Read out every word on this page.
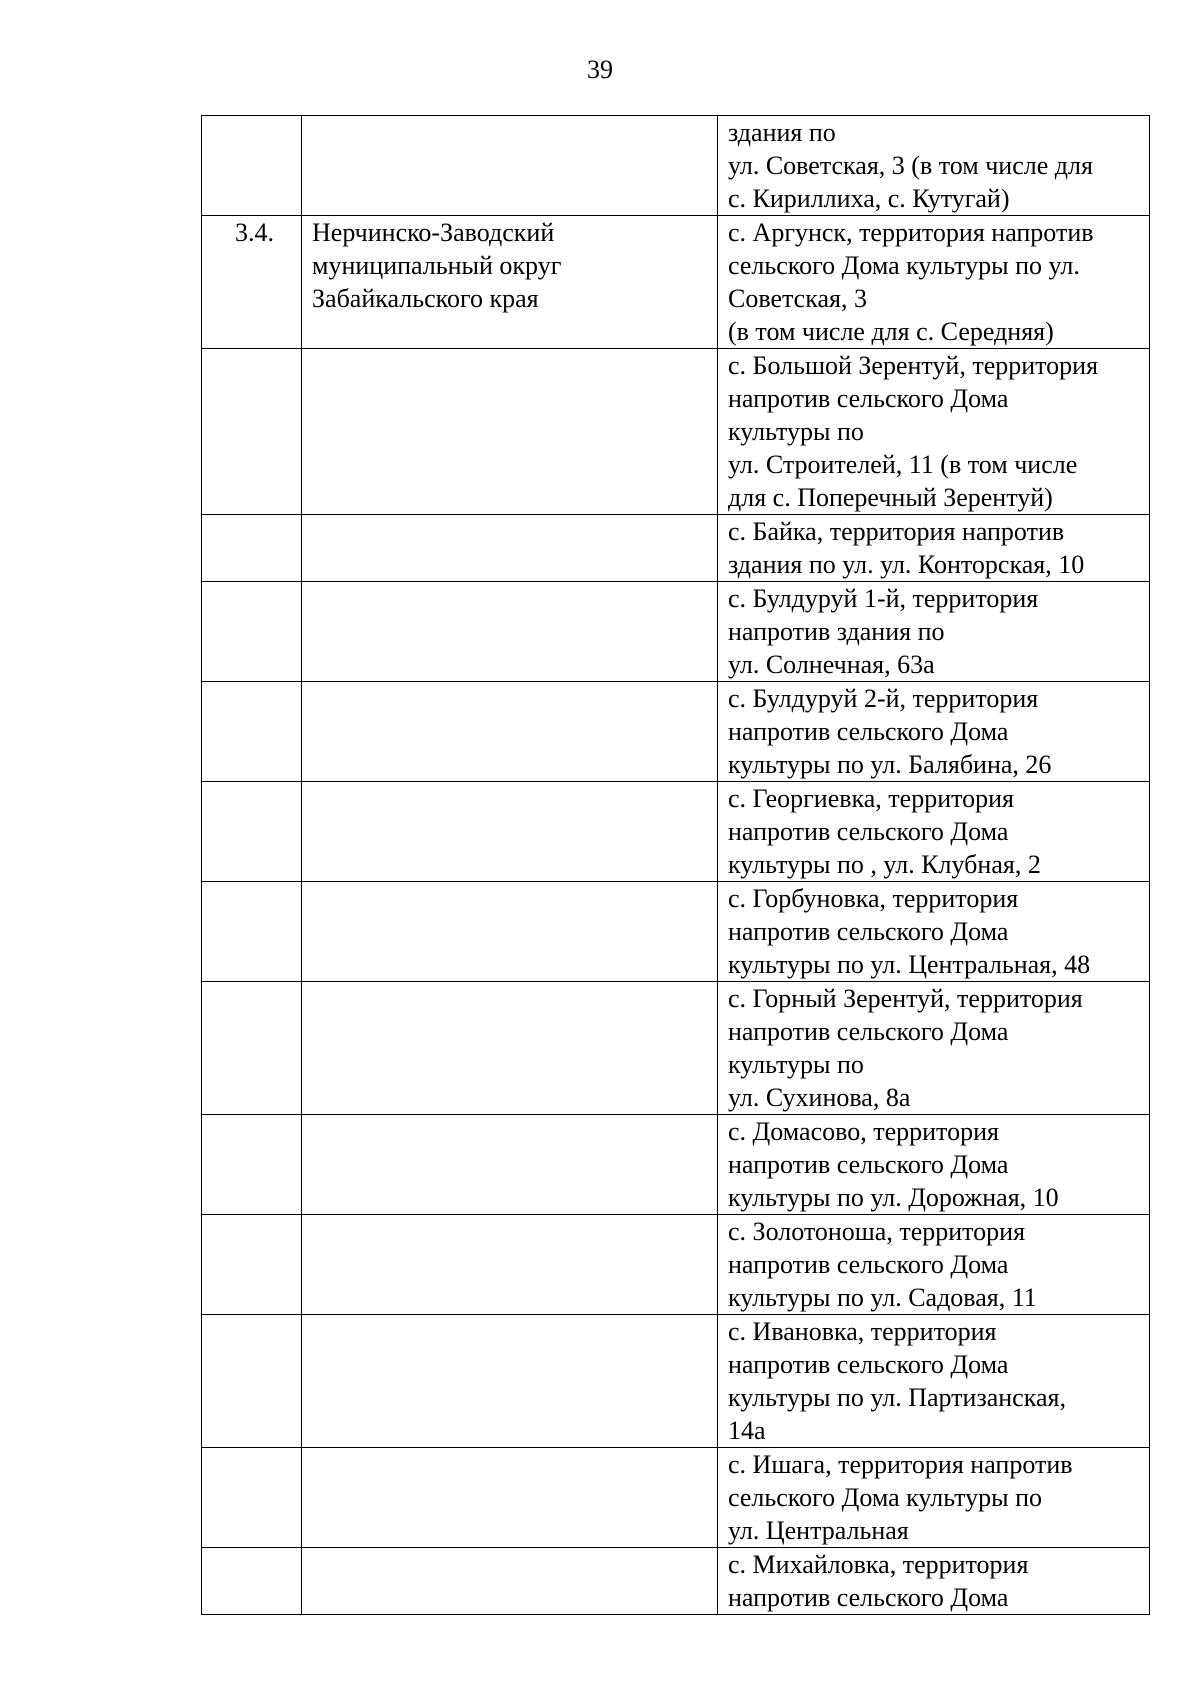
39
		здания по
ул. Советская, 3 (в том числе для
с. Кириллиха, с. Кутугай)
3.4.	Нерчинско-Заводский
муниципальный округ
Забайкальского края	с. Аргунск, территория напротив
сельского Дома культуры по ул.
Советская, 3
(в том числе для с. Середняя)
		с. Большой Зерентуй, территория
напротив сельского Дома
культуры по
ул. Строителей, 11 (в том числе
для с. Поперечный Зерентуй)
		с. Байка, территория напротив
здания по ул. ул. Конторская, 10
		с. Булдуруй 1-й, территория
напротив здания по
ул. Солнечная, 63а
		с. Булдуруй 2-й, территория
напротив сельского Дома
культуры по ул. Балябина, 26
		с. Георгиевка, территория
напротив сельского Дома
культуры по , ул. Клубная, 2
		с. Горбуновка, территория
напротив сельского Дома
культуры по ул. Центральная, 48
		с. Горный Зерентуй, территория
напротив сельского Дома
культуры по
ул. Сухинова, 8а
		с. Домасово, территория
напротив сельского Дома
культуры по ул. Дорожная, 10
		с. Золотоноша, территория
напротив сельского Дома
культуры по ул. Садовая, 11
		с. Ивановка, территория
напротив сельского Дома
культуры по ул. Партизанская,
14а
		с. Ишага, территория напротив
сельского Дома культуры по
ул. Центральная
		с. Михайловка, территория
напротив сельского Дома
